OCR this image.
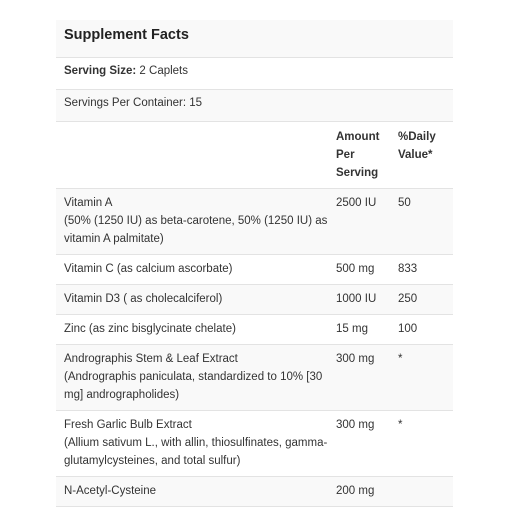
Supplement Facts		
Serving Size: 2 Caplets		
Servings Per Container: 15		
	Amount Per Serving	%Daily Value*
Vitamin A
(50% (1250 IU) as beta-carotene, 50% (1250 IU) as vitamin A palmitate)	2500 IU	50
Vitamin C (as calcium ascorbate)	500 mg	833
Vitamin D3 ( as cholecalciferol)	1000 IU	250
Zinc (as zinc bisglycinate chelate)	15 mg	100
Andrographis Stem & Leaf Extract
(Andrographis paniculata, standardized to 10% [30 mg] andrographolides)	300 mg	*
Fresh Garlic Bulb Extract
(Allium sativum L., with allin, thiosulfinates, gamma-glutamylcysteines, and total sulfur)	300 mg	*
N-Acetyl-Cysteine	200 mg	
